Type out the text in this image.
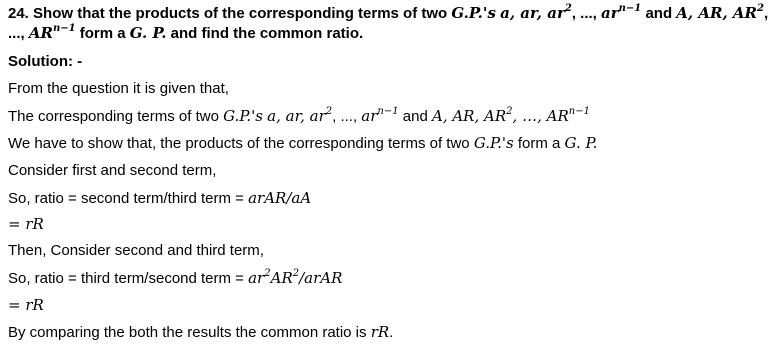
24. Show that the products of the corresponding terms of two G.P.'s a, ar, $ar^2$, ..., $ar^{n-1}$ and A, AR, $AR^2$,
..., $AR^{n-1}$ form a G. P. and find the common ratio.
Solution: -
From the question it is given that,
The corresponding terms of two G.P.'s a, ar, $ar^2$, ..., $ar^{n-1}$ and A, AR, $AR^2$, …, $AR^{n-1}$
We have to show that, the products of the corresponding terms of two G.P.'s form a G. P.
Consider first and second term,
So, ratio = second term/third term = arAR/aA
= rR
Then, Consider second and third term,
So, ratio = third term/second term = $ar^2AR^2$/arAR
= rR
By comparing the both the results the common ratio is rR.
